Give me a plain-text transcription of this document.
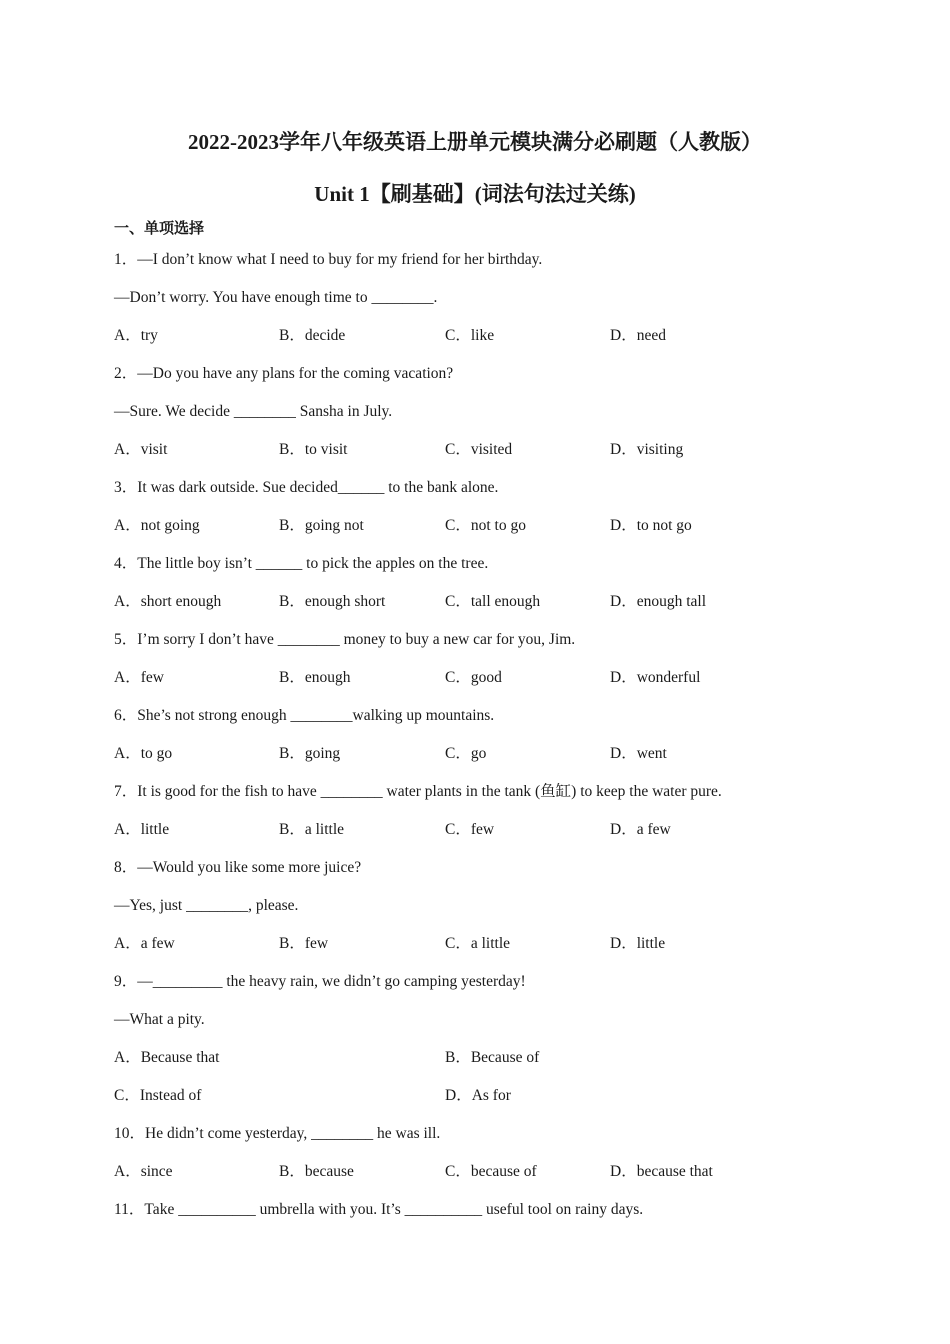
2022-2023学年八年级英语上册单元模块满分必刷题（人教版）
Unit 1【刷基础】(词法句法过关练)
一、单项选择
1．—I don’t know what I need to buy for my friend for her birthday.
—Don’t worry. You have enough time to ________.
A．try	B．decide	C．like	D．need
2．—Do you have any plans for the coming vacation?
—Sure. We decide ________ Sansha in July.
A．visit	B．to visit	C．visited	D．visiting
3．It was dark outside. Sue decided______ to the bank alone.
A．not going	B．going not	C．not to go	D．to not go
4．The little boy isn’t ______ to pick the apples on the tree.
A．short enough	B．enough short	C．tall enough	D．enough tall
5．I’m sorry I don’t have ________ money to buy a new car for you, Jim.
A．few	B．enough	C．good	D．wonderful
6．She’s not strong enough ________walking up mountains.
A．to go	B．going	C．go	D．went
7．It is good for the fish to have ________ water plants in the tank (鱼缸) to keep the water pure.
A．little	B．a little	C．few	D．a few
8．—Would you like some more juice?
—Yes, just ________, please.
A．a few	B．few	C．a little	D．little
9．—_________ the heavy rain, we didn’t go camping yesterday!
—What a pity.
A．Because that	B．Because of
C．Instead of	D．As for
10．He didn’t come yesterday, ________ he was ill.
A．since	B．because	C．because of	D．because that
11．Take __________ umbrella with you. It’s __________ useful tool on rainy days.
